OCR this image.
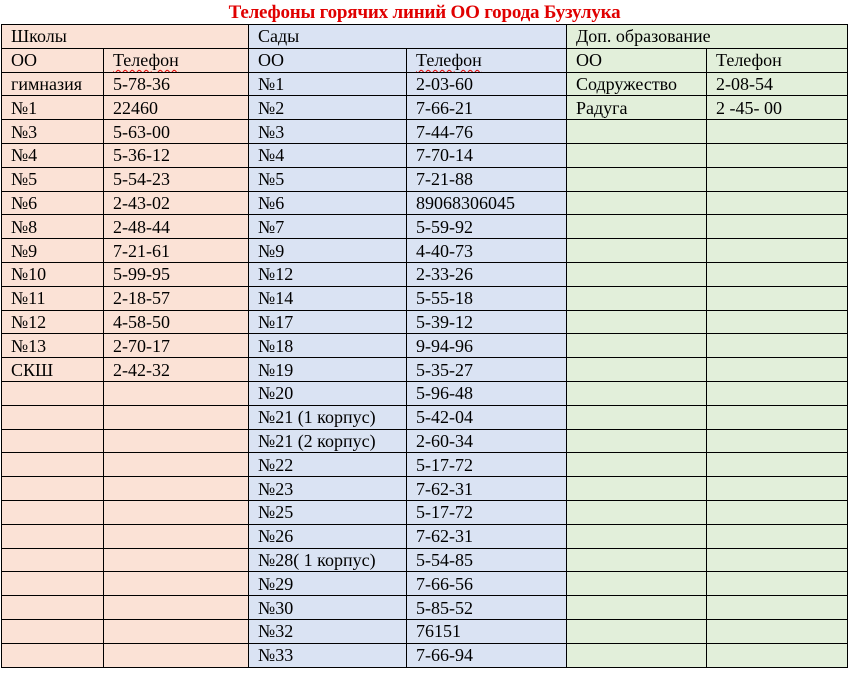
Телефоны горячих линий ОО города Бузулука
Школы		Сады		Доп. образование	
ОО	Телефон	ОО	Телефон	ОО	Телефон
гимназия	5-78-36	№1	2-03-60	Содружество	2-08-54
№1	22460	№2	7-66-21	Радуга	2 -45- 00
№3	5-63-00	№3	7-44-76		
№4	5-36-12	№4	7-70-14		
№5	5-54-23	№5	7-21-88		
№6	2-43-02	№6	89068306045		
№8	2-48-44	№7	5-59-92		
№9	7-21-61	№9	4-40-73		
№10	5-99-95	№12	2-33-26		
№11	2-18-57	№14	5-55-18		
№12	4-58-50	№17	5-39-12		
№13	2-70-17	№18	9-94-96		
СКШ	2-42-32	№19	5-35-27		
		№20	5-96-48		
		№21 (1 корпус)	5-42-04		
		№21 (2 корпус)	2-60-34		
		№22	5-17-72		
		№23	7-62-31		
		№25	5-17-72		
		№26	7-62-31		
		№28( 1 корпус)	5-54-85		
		№29	7-66-56		
		№30	5-85-52		
		№32	76151		
		№33	7-66-94		
